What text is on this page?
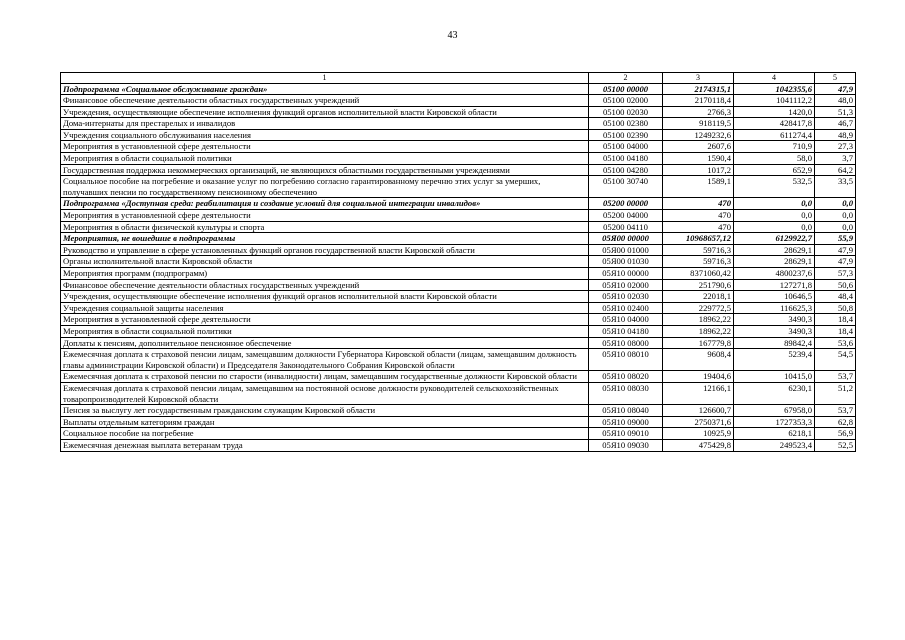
43
1	2	3	4	5
Подпрограмма «Социальное обслуживание граждан»	05100 00000	2174315,1	1042355,6	47,9
Финансовое обеспечение деятельности областных государственных учреждений	05100 02000	2170118,4	1041112,2	48,0
Учреждения, осуществляющие обеспечение исполнения функций органов исполнительной власти Кировской области	05100 02030	2766,3	1420,0	51,3
Дома-интернаты для престарелых и инвалидов	05100 02380	918119,5	428417,8	46,7
Учреждения социального обслуживания населения	05100 02390	1249232,6	611274,4	48,9
Мероприятия в установленной сфере деятельности	05100 04000	2607,6	710,9	27,3
Мероприятия в области социальной политики	05100 04180	1590,4	58,0	3,7
Государственная поддержка некоммерческих организаций, не являющихся областными государственными учреждениями	05100 04280	1017,2	652,9	64,2
Социальное пособие на погребение и оказание услуг по погребению согласно гарантированному перечню этих услуг за умерших, получавших пенсии по государственному пенсионному обеспечению	05100 30740	1589,1	532,5	33,5
Подпрограмма «Доступная среда: реабилитация и создание условий для социальной интеграции инвалидов»	05200 00000	470	0,0	0,0
Мероприятия в установленной сфере деятельности	05200 04000	470	0,0	0,0
Мероприятия в области физической культуры и спорта	05200 04110	470	0,0	0,0
Мероприятия, не вошедшие в подпрограммы	05Я00 00000	10968657,12	6129922,7	55,9
Руководство и управление в сфере установленных функций органов государственной власти Кировской области	05Я00 01000	59716,3	28629,1	47,9
Органы исполнительной власти Кировской области	05Я00 01030	59716,3	28629,1	47,9
Мероприятия программ (подпрограмм)	05Я10 00000	8371060,42	4800237,6	57,3
Финансовое обеспечение деятельности областных государственных учреждений	05Я10 02000	251790,6	127271,8	50,6
Учреждения, осуществляющие обеспечение исполнения функций органов исполнительной власти Кировской области	05Я10 02030	22018,1	10646,5	48,4
Учреждения социальной защиты населения	05Я10 02400	229772,5	116625,3	50,8
Мероприятия в установленной сфере деятельности	05Я10 04000	18962,22	3490,3	18,4
Мероприятия в области социальной политики	05Я10 04180	18962,22	3490,3	18,4
Доплаты к пенсиям, дополнительное пенсионное обеспечение	05Я10 08000	167779,8	89842,4	53,6
Ежемесячная доплата к страховой пенсии лицам, замещавшим должности Губернатора Кировской области (лицам, замещавшим должность главы администрации Кировской области) и Председателя Законодательного Собрания Кировской области	05Я10 08010	9608,4	5239,4	54,5
Ежемесячная доплата к страховой пенсии по старости (инвалидности) лицам, замещавшим государственные должности Кировской области	05Я10 08020	19404,6	10415,0	53,7
Ежемесячная доплата к страховой пенсии лицам, замещавшим на постоянной основе должности руководителей сельскохозяйственных товаропроизводителей Кировской области	05Я10 08030	12166,1	6230,1	51,2
Пенсия за выслугу лет государственным гражданским служащим Кировской области	05Я10 08040	126600,7	67958,0	53,7
Выплаты отдельным категориям граждан	05Я10 09000	2750371,6	1727353,3	62,8
Социальное пособие на погребение	05Я10 09010	10925,9	6218,1	56,9
Ежемесячная денежная выплата ветеранам труда	05Я10 09030	475429,8	249523,4	52,5
